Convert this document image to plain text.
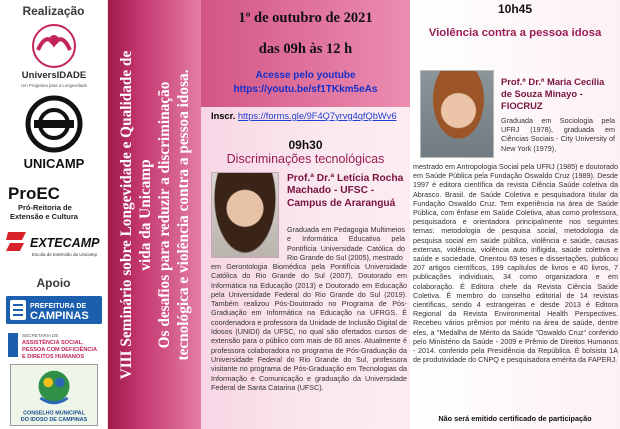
Realização
UniversIDADE
Um Programa para a Longevidade
UNICAMP
ProEC
Pró-Reitoria de
Extensão e Cultura
EXTECAMP
Escola de Extensão da Unicamp
Apoio
PREFEITURA DE
CAMPINAS
SECRETARIA DE
ASSISTÊNCIA SOCIAL,
PESSOA COM DEFICIÊNCIA
E DIREITOS HUMANOS
CONSELHO MUNICIPAL
DO IDOSO DE CAMPINAS
VIII Seminário sobre Longevidade e Qualidade de vida da Unicamp Os desafios para reduzir a discriminação tecnológica e violência contra a pessoa idosa.
1º de outubro de 2021
das 09h às 12 h
Acesse pelo youtube
https://youtu.be/sf1TKkm5eAs
Inscr. https://forms.gle/9F4Q7yrvg4qfQbWv6
09h30
Discriminações tecnológicas
Prof.ª Dr.ª Letícia Rocha Machado - UFSC - Campus de Araranguá
Graduada em Pedagogia Multimeios e Informática Educativa pela Pontifícia Universidade Católica do Rio Grande do Sul (2005), mestrado
em Gerontologia Biomédica pela Pontifícia Universidade Católica do Rio Grande do Sul (2007), Doutorado em Informática na Educação (2013) e Doutorado em Educação pela Universidade Federal do Rio Grande do Sul (2019). Também realizou Pós-Doutorado no Programa de Pós-Graduação em Informática na Educação na UFRGS. É coordenadora e professora da Unidade de Inclusão Digital de Idosos (UNIDI) da UFSC, no qual são ofertados cursos de extensão para o público com mais de 60 anos. Atualmente é professora colaboradora no programa de Pós-Graduação da Universidade Federal do Rio Grande do Sul, professora visitante no programa de Pós-Graduação em Tecnologias da Informação e Comunicação e graduação da Universidade Federal de Santa Catarina (UFSC).
10h45
Violência contra a pessoa idosa
Prof.ª Dr.ª Maria Cecília de Souza Minayo - FIOCRUZ
Graduada em Sociologia pela UFRJ (1978), graduada em Ciências Sociais - City University of New York (1979),
mestrado em Antropologia Social pela UFRJ (1985) e doutorado em Saúde Pública pela Fundação Oswaldo Cruz (1989). Desde 1997 é editora científica da revista Ciência Saúde coletiva da Abrasco. Brasil. de Saúde Coletiva e pesquisadora titular da Fundação Oswaldo Cruz. Tem experiência na área de Saúde Pública, com ênfase em Saúde Coletiva, atua como professora, pesquisadora e orientadora principalmente nos seguintes temas: metodologia de pesquisa social, metodologia da pesquisa social em saúde pública, violência e saúde, causas externas, violência, violência auto infligida, saúde coletiva e saúde e sociedade. Orientou 69 teses e dissertações, publicou 207 artigos científicos, 199 capítulos de livros e 40 livros, 7 publicações individuais, 34 como organizadora e em colaboração. É Editora chefe da Revista Ciência Saúde Coletiva. É membro do conselho editorial de 14 revistas científicas, sendo 4 estrangeiras e desde 2013 é Editora Regional da Revista Environmental Health Perspectives. Recebeu vários prêmios por mérito na área de saúde, dentre eles, a "Medalha de Mérito da Saúde "Oswaldo Cruz" conferido pelo Ministério da Saúde - 2009 e Prêmio de Direitos Humanos - 2014. conferido pela Presidência da República. É bolsista 1A de produtividade do CNPQ e pesquisadora emérita da FAPERJ.
Não será emitido certificado de participação
